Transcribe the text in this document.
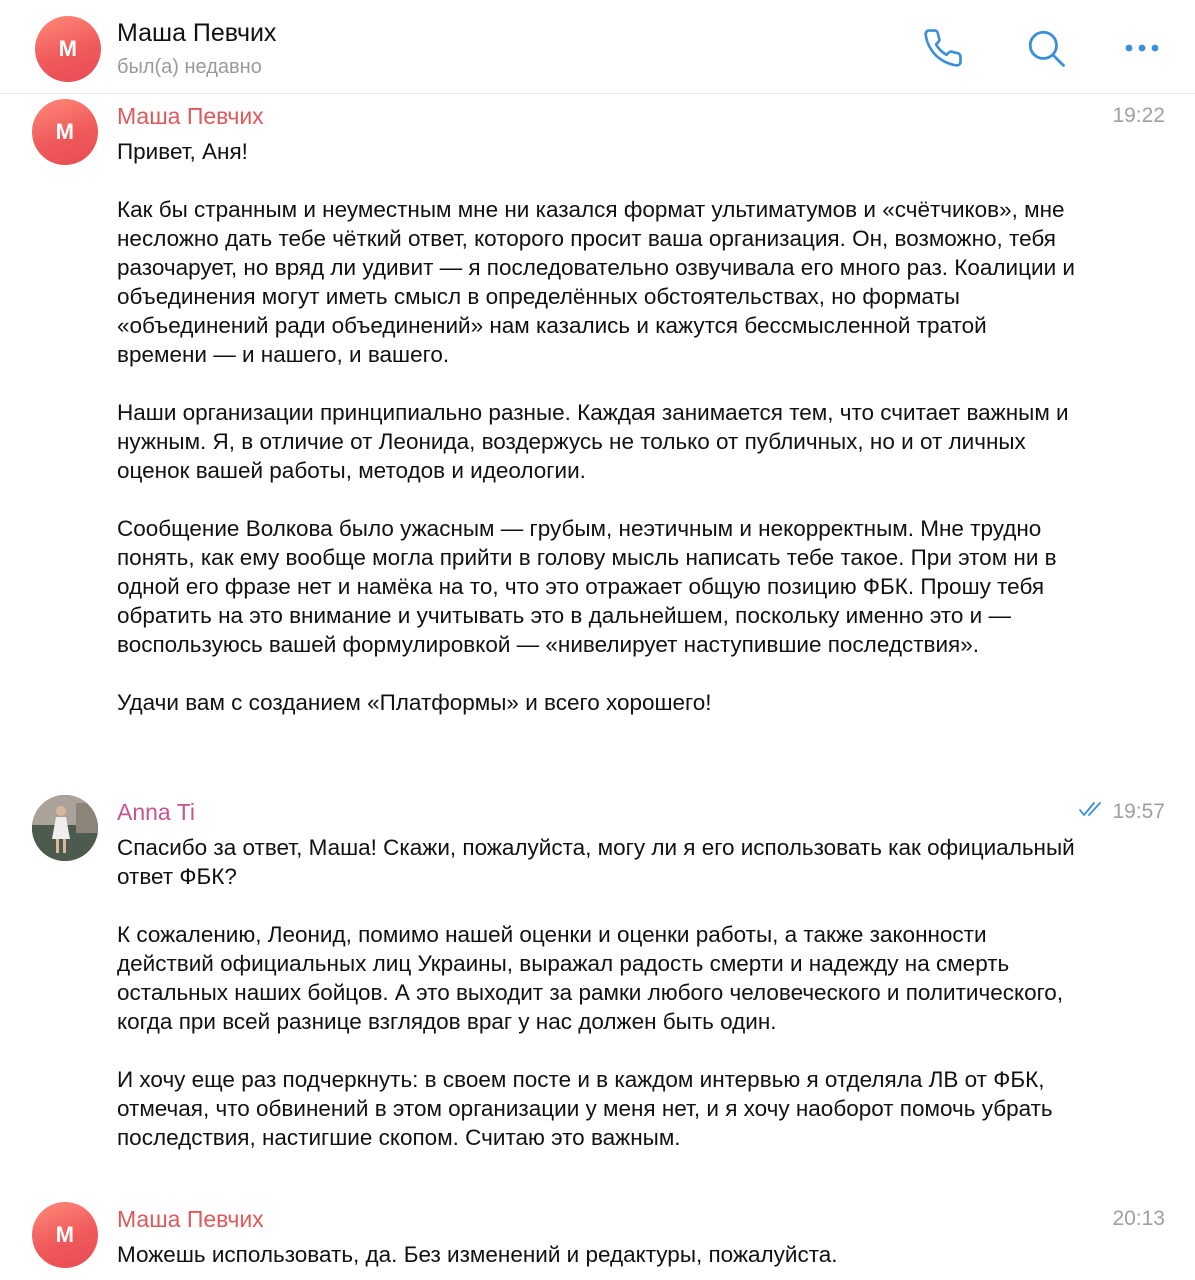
M
Маша Певчих
был(а) недавно
M
Маша Певчих	19:22

Привет, Аня!

Как бы странным и неуместным мне ни казался формат ультиматумов и «счётчиков», мне несложно дать тебе чёткий ответ, которого просит ваша организация. Он, возможно, тебя разочарует, но вряд ли удивит — я последовательно озвучивала его много раз. Коалиции и объединения могут иметь смысл в определённых обстоятельствах, но форматы «объединений ради объединений» нам казались и кажутся бессмысленной тратой времени — и нашего, и вашего.

Наши организации принципиально разные. Каждая занимается тем, что считает важным и нужным. Я, в отличие от Леонида, воздержусь не только от публичных, но и от личных оценок вашей работы, методов и идеологии.

Сообщение Волкова было ужасным — грубым, неэтичным и некорректным. Мне трудно понять, как ему вообще могла прийти в голову мысль написать тебе такое. При этом ни в одной его фразе нет и намёка на то, что это отражает общую позицию ФБК. Прошу тебя обратить на это внимание и учитывать это в дальнейшем, поскольку именно это и — воспользуюсь вашей формулировкой — «нивелирует наступившие последствия».

Удачи вам с созданием «Платформы» и всего хорошего!

Anna Ti	19:57

Спасибо за ответ, Маша! Скажи, пожалуйста, могу ли я его использовать как официальный ответ ФБК?

К сожалению, Леонид, помимо нашей оценки и оценки работы, а также законности действий официальных лиц Украины, выражал радость смерти и надежду на смерть остальных наших бойцов. А это выходит за рамки любого человеческого и политического, когда при всей разнице взглядов враг у нас должен быть один.

И хочу еще раз подчеркнуть: в своем посте и в каждом интервью я отделяла ЛВ от ФБК, отмечая, что обвинений в этом организации у меня нет, и я хочу наоборот помочь убрать последствия, настигшие скопом. Считаю это важным.

M
Маша Певчих	20:13

Можешь использовать, да. Без изменений и редактуры, пожалуйста.
